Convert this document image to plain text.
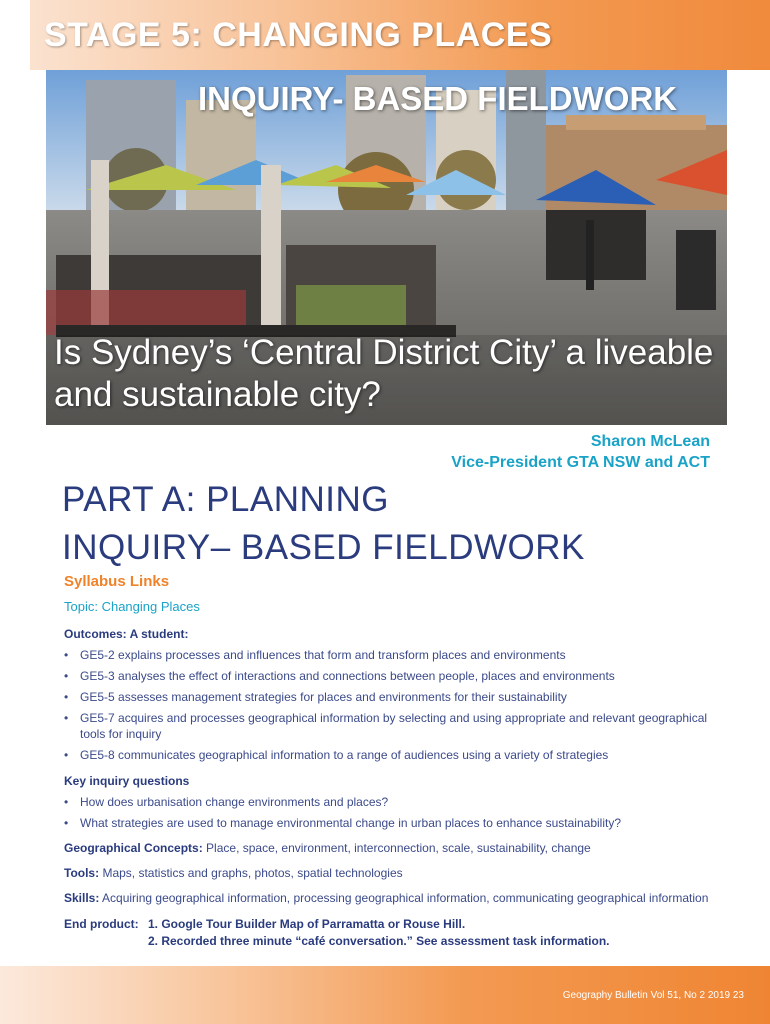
INQUIRY- BASED FIELDWORK

Is Sydney’s ‘Central District City’ a liveable and sustainable city?

STAGE 5: CHANGING PLACES
Sharon McLean
Vice-President GTA NSW and ACT
PART A: PLANNING
INQUIRY– BASED FIELDWORK

Syllabus Links

Topic: Changing Places

Outcomes: A student:

• GE5-2 explains processes and influences that form and transform places and environments
• GE5-3 analyses the effect of interactions and connections between people, places and environments
• GE5-5 assesses management strategies for places and environments for their sustainability
• GE5-7 acquires and processes geographical information by selecting and using appropriate and relevant geographical tools for inquiry
• GE5-8 communicates geographical information to a range of audiences using a variety of strategies

Key inquiry questions

• How does urbanisation change environments and places?
• What strategies are used to manage environmental change in urban places to enhance sustainability?

Geographical Concepts: Place, space, environment, interconnection, scale, sustainability, change

Tools: Maps, statistics and graphs, photos, spatial technologies

Skills: Acquiring geographical information, processing geographical information, communicating geographical information

End product: 1. Google Tour Builder Map of Parramatta or Rouse Hill.
2. Recorded three minute “café conversation.” See assessment task information.
Geography Bulletin Vol 51, No 2 2019 23
